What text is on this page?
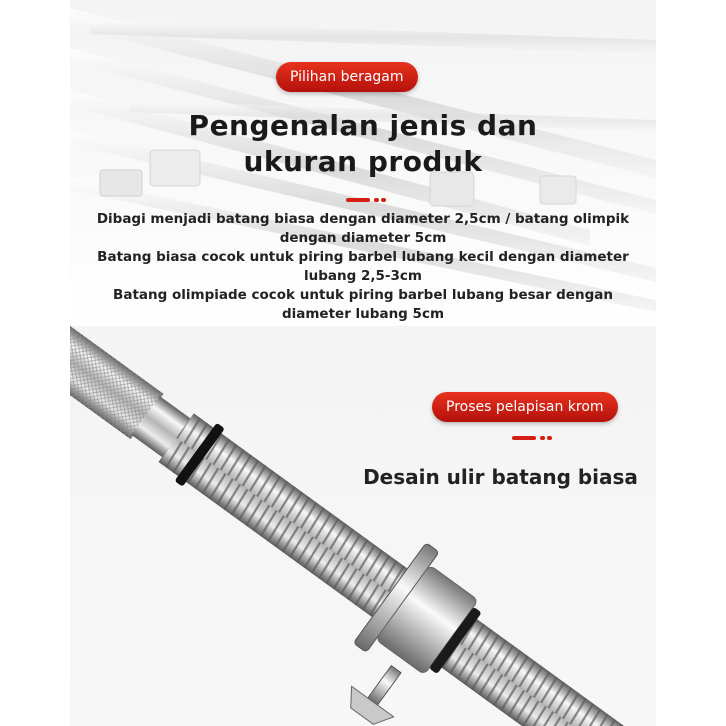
Pilihan beragam
Pengenalan jenis dan
ukuran produk
Dibagi menjadi batang biasa dengan diameter 2,5cm / batang olimpik
dengan diameter 5cm
Batang biasa cocok untuk piring barbel lubang kecil dengan diameter
lubang 2,5-3cm
Batang olimpiade cocok untuk piring barbel lubang besar dengan
diameter lubang 5cm
Proses pelapisan krom
Desain ulir batang biasa
